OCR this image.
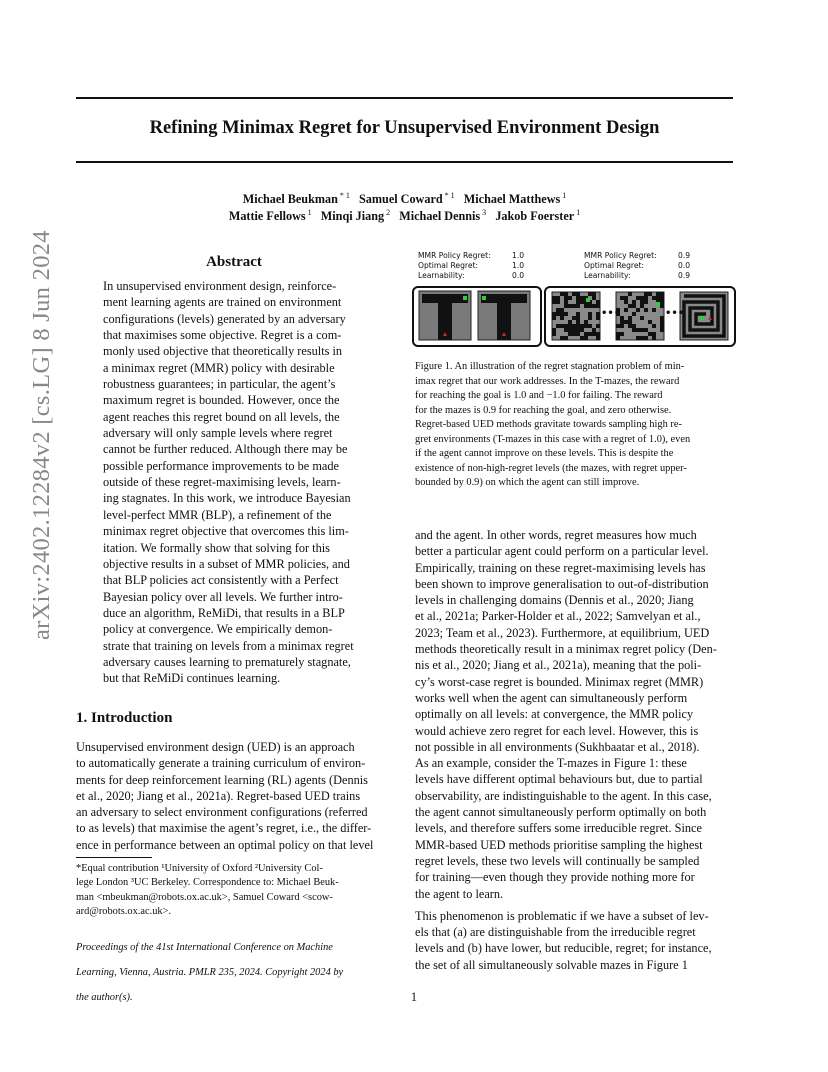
Refining Minimax Regret for Unsupervised Environment Design
Michael Beukman $^{* 1}$ Samuel Coward $^{* 1}$ Michael Matthews $^1$
Mattie Fellows $^1$ Minqi Jiang $^2$ Michael Dennis $^3$ Jakob Foerster $^1$
arXiv:2402.12284v2 [cs.LG] 8 Jun 2024	Abstract

In unsupervised environment design, reinforce-

ment learning agents are trained on environment

configurations (levels) generated by an adversary

that maximises some objective. Regret is a com-

monly used objective that theoretically results in

a minimax regret (MMR) policy with desirable

robustness guarantees; in particular, the agent’s

maximum regret is bounded. However, once the

agent reaches this regret bound on all levels, the

adversary will only sample levels where regret

cannot be further reduced. Although there may be

possible performance improvements to be made

outside of these regret-maximising levels, learn-

ing stagnates. In this work, we introduce Bayesian

level-perfect MMR (BLP), a refinement of the

minimax regret objective that overcomes this lim-

itation. We formally show that solving for this

objective results in a subset of MMR policies, and

that BLP policies act consistently with a Perfect

Bayesian policy over all levels. We further intro-

duce an algorithm, ReMiDi, that results in a BLP

policy at convergence. We empirically demon-

strate that training on levels from a minimax regret

adversary causes learning to prematurely stagnate,

but that ReMiDi continues learning.

1. Introduction

Unsupervised environment design (UED) is an approach

to automatically generate a training curriculum of environ-

ments for deep reinforcement learning (RL) agents (Dennis

et al., 2020; Jiang et al., 2021a). Regret-based UED trains

an adversary to select environment configurations (referred

to as levels) that maximise the agent’s regret, i.e., the differ-

ence in performance between an optimal policy on that level

*Equal contribution ¹University of Oxford ²University Col-

lege London ³UC Berkeley. Correspondence to: Michael Beuk-

man <mbeukman@robots.ox.ac.uk>, Samuel Coward <scow-

ard@robots.ox.ac.uk>.

Proceedings of the 41st International Conference on Machine

Learning, Vienna, Austria. PMLR 235, 2024. Copyright 2024 by

the author(s).

MMR Policy Regret:	1.0
Optimal Regret:	1.0
Learnability:	0.0
MMR Policy Regret:	0.9
Optimal Regret:	0.0
Learnability:	0.9
•••	•••

Figure 1. An illustration of the regret stagnation problem of min-

imax regret that our work addresses. In the T-mazes, the reward

for reaching the goal is 1.0 and −1.0 for failing. The reward

for the mazes is 0.9 for reaching the goal, and zero otherwise.

Regret-based UED methods gravitate towards sampling high re-

gret environments (T-mazes in this case with a regret of 1.0), even

if the agent cannot improve on these levels. This is despite the

existence of non-high-regret levels (the mazes, with regret upper-

bounded by 0.9) on which the agent can still improve.

and the agent. In other words, regret measures how much

better a particular agent could perform on a particular level.

Empirically, training on these regret-maximising levels has

been shown to improve generalisation to out-of-distribution

levels in challenging domains (Dennis et al., 2020; Jiang

et al., 2021a; Parker-Holder et al., 2022; Samvelyan et al.,

2023; Team et al., 2023). Furthermore, at equilibrium, UED

methods theoretically result in a minimax regret policy (Den-

nis et al., 2020; Jiang et al., 2021a), meaning that the poli-

cy’s worst-case regret is bounded. Minimax regret (MMR)

works well when the agent can simultaneously perform

optimally on all levels: at convergence, the MMR policy

would achieve zero regret for each level. However, this is

not possible in all environments (Sukhbaatar et al., 2018).

As an example, consider the T-mazes in Figure 1: these

levels have different optimal behaviours but, due to partial

observability, are indistinguishable to the agent. In this case,

the agent cannot simultaneously perform optimally on both

levels, and therefore suffers some irreducible regret. Since

MMR-based UED methods prioritise sampling the highest

regret levels, these two levels will continually be sampled

for training—even though they provide nothing more for

the agent to learn.

This phenomenon is problematic if we have a subset of lev-

els that (a) are distinguishable from the irreducible regret

levels and (b) have lower, but reducible, regret; for instance,

the set of all simultaneously solvable mazes in Figure 1

1
